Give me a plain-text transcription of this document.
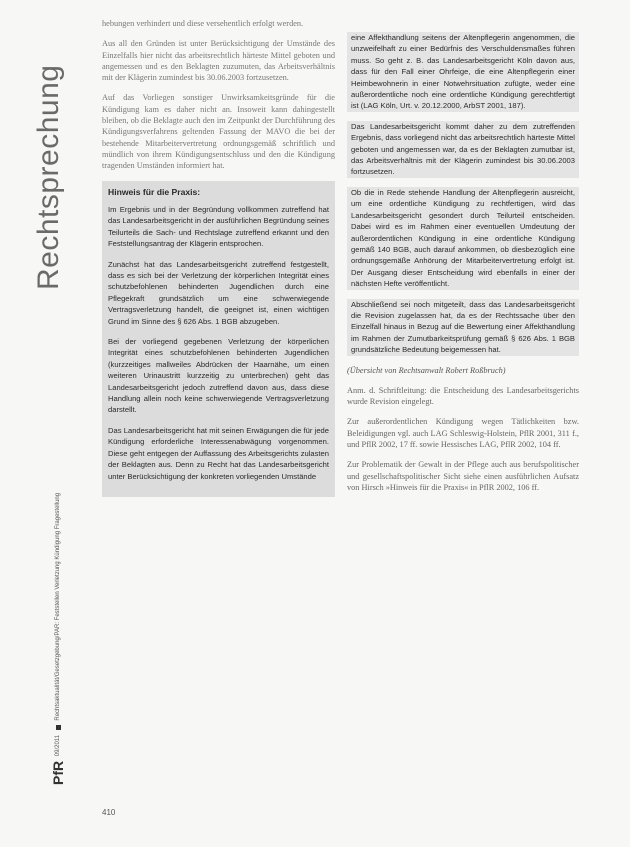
Rechtsprechung
PfR 09/2011  Rechtsaktualität/Gesetzgebung/PAR: Feststellen Verletzung Kündigung Fragestellung
410

hebungen verhindert und diese versehentlich erfolgt werden.

Aus all den Gründen ist unter Berücksichtigung der Umstände des Einzelfalls hier nicht das arbeitsrechtlich härteste Mittel geboten und angemessen und es den Beklagten zuzumuten, das Arbeitsverhältnis mit der Klägerin zumindest bis 30.06.2003 fortzusetzen.

Auf das Vorliegen sonstiger Unwirksamkeitsgründe für die Kündigung kam es daher nicht an. Insoweit kann dahingestellt bleiben, ob die Beklagte auch den im Zeitpunkt der Durchführung des Kündigungsverfahrens geltenden Fassung der MAVO die bei der bestehende Mitarbeitervertretung ordnungsgemäß schriftlich und mündlich von ihrem Kündigungsentschluss und den die Kündigung tragenden Umständen informiert hat.

Hinweis für die Praxis:

Im Ergebnis und in der Begründung vollkommen zutreffend hat das Landesarbeitsgericht in der ausführlichen Begründung seines Teilurteils die Sach- und Rechtslage zutreffend erkannt und den Feststellungsantrag der Klägerin entsprochen.

Zunächst hat das Landesarbeitsgericht zutreffend festgestellt, dass es sich bei der Verletzung der körperlichen Integrität eines schutzbefohlenen behinderten Jugendlichen durch eine Pflegekraft grundsätzlich um eine schwerwiegende Vertragsverletzung handelt, die geeignet ist, einen wichtigen Grund im Sinne des § 626 Abs. 1 BGB abzugeben.

Bei der vorliegend gegebenen Verletzung der körperlichen Integrität eines schutzbefohlenen behinderten Jugendlichen (kurzzeitiges mallweiles Abdrücken der Haarnähe, um einen weiteren Urinaustritt kurzzeitig zu unterbrechen) geht das Landesarbeitsgericht jedoch zutreffend davon aus, dass diese Handlung allein noch keine schwerwiegende Vertragsverletzung darstellt.

Das Landesarbeitsgericht hat mit seinen Erwägungen die für jede Kündigung erforderliche Interessenabwägung vorgenommen. Diese geht entgegen der Auffassung des Arbeitsgerichts zulasten der Beklagten aus. Denn zu Recht hat das Landesarbeitsgericht unter Berücksichtigung der konkreten vorliegenden Umstände

eine Affekthandlung seitens der Altenpflegerin angenommen, die unzweifelhaft zu einer Bedürfnis des Verschuldensmaßes führen muss. So geht z. B. das Landesarbeitsgericht Köln davon aus, dass für den Fall einer Ohrfeige, die eine Altenpflegerin einer Heimbewohnerin in einer Notwehrsituation zufügte, weder eine außerordentliche noch eine ordentliche Kündigung gerechtfertigt ist (LAG Köln, Urt. v. 20.12.2000, ArbST 2001, 187).

Das Landesarbeitsgericht kommt daher zu dem zutreffenden Ergebnis, dass vorliegend nicht das arbeitsrechtlich härteste Mittel geboten und angemessen war, da es der Beklagten zumutbar ist, das Arbeitsverhältnis mit der Klägerin zumindest bis 30.06.2003 fortzusetzen.

Ob die in Rede stehende Handlung der Altenpflegerin ausreicht, um eine ordentliche Kündigung zu rechtfertigen, wird das Landesarbeitsgericht gesondert durch Teilurteil entscheiden. Dabei wird es im Rahmen einer eventuellen Umdeutung der außerordentlichen Kündigung in eine ordentliche Kündigung gemäß 140 BGB, auch darauf ankommen, ob diesbezüglich eine ordnungsgemäße Anhörung der Mitarbeitervertretung erfolgt ist. Der Ausgang dieser Entscheidung wird ebenfalls in einer der nächsten Hefte veröffentlicht.

Abschließend sei noch mitgeteilt, dass das Landesarbeitsgericht die Revision zugelassen hat, da es der Rechtssache über den Einzelfall hinaus in Bezug auf die Bewertung einer Affekthandlung im Rahmen der Zumutbarkeitsprüfung gemäß § 626 Abs. 1 BGB grundsätzliche Bedeutung beigemessen hat.

(Übersicht von Rechtsanwalt Robert Roßbruch)

Anm. d. Schriftleitung: die Entscheidung des Landesarbeitsgerichts wurde Revision eingelegt.

Zur außerordentlichen Kündigung wegen Tätlichkeiten bzw. Beleidigungen vgl. auch LAG Schleswig-Holstein, PflR 2001, 311 f., und PflR 2002, 17 ff. sowie Hessisches LAG, PflR 2002, 104 ff.

Zur Problematik der Gewalt in der Pflege auch aus berufspolitischer und gesellschaftspolitischer Sicht siehe einen ausführlichen Aufsatz von Hirsch »Hinweis für die Praxis« in PflR 2002, 106 ff.
